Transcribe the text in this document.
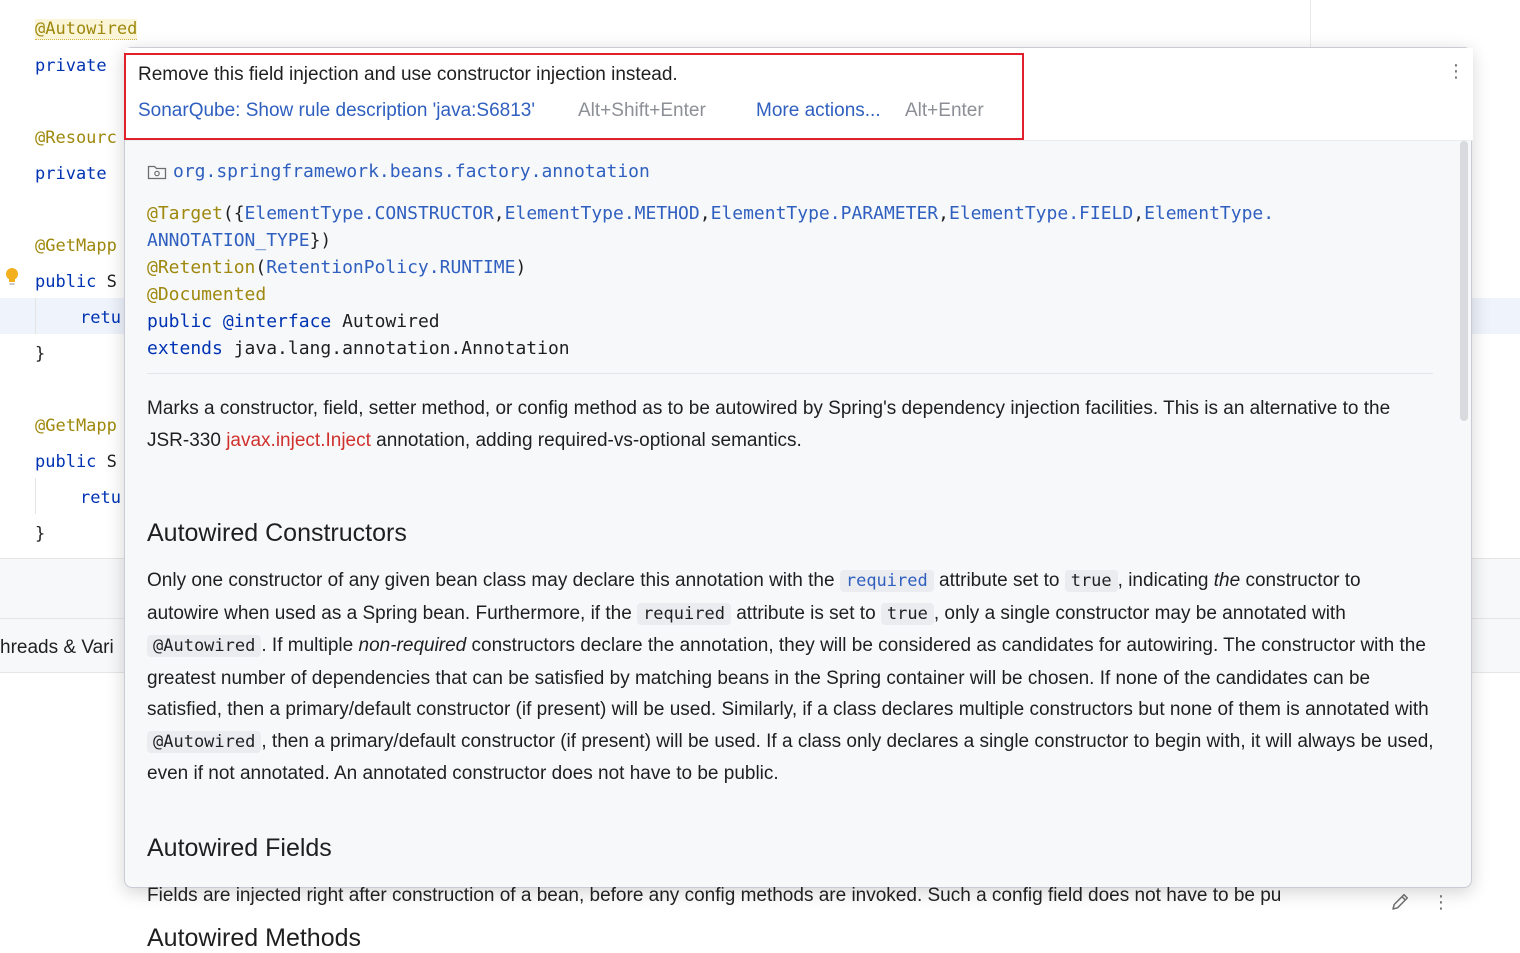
@Autowired
private
@Resourc
private
@GetMapp
public S
retu
}
@GetMapp
public S
retu
}
hreads & Vari
Remove this field injection and use constructor injection instead.
SonarQube: Show rule description 'java:S6813' Alt+Shift+Enter	More actions... Alt+Enter
⋮
org.springframework.beans.factory.annotation
@Target({ElementType.CONSTRUCTOR,ElementType.METHOD,ElementType.PARAMETER,ElementType.FIELD,ElementType.
ANNOTATION_TYPE})
@Retention(RetentionPolicy.RUNTIME)
@Documented
public @interface Autowired
extends java.lang.annotation.Annotation
Marks a constructor, field, setter method, or config method as to be autowired by Spring's dependency injection facilities. This is an alternative to the JSR-330 javax.inject.Inject annotation, adding required-vs-optional semantics.
Autowired Constructors
Only one constructor of any given bean class may declare this annotation with the required attribute set to true , indicating the constructor to autowire when used as a Spring bean. Furthermore, if the required attribute is set to true , only a single constructor may be annotated with @Autowired . If multiple non-required constructors declare the annotation, they will be considered as candidates for autowiring. The constructor with the greatest number of dependencies that can be satisfied by matching beans in the Spring container will be chosen. If none of the candidates can be satisfied, then a primary/default constructor (if present) will be used. Similarly, if a class declares multiple constructors but none of them is annotated with @Autowired , then a primary/default constructor (if present) will be used. If a class only declares a single constructor to begin with, it will always be used, even if not annotated. An annotated constructor does not have to be public.
Autowired Fields
Fields are injected right after construction of a bean, before any config methods are invoked. Such a config field does not have to be pu
Autowired Methods
⋮
